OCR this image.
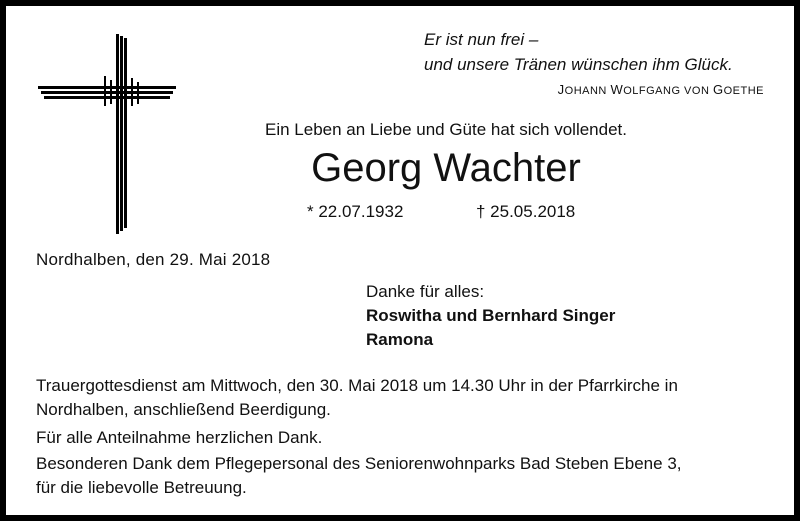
Er ist nun frei –
und unsere Tränen wünschen ihm Glück.
JOHANN WOLFGANG VON GOETHE
Ein Leben an Liebe und Güte hat sich vollendet.
Georg Wachter
* 22.07.1932	† 25.05.2018
Nordhalben, den 29. Mai 2018
Danke für alles:
Roswitha und Bernhard Singer
Ramona
Trauergottesdienst am Mittwoch, den 30. Mai 2018 um 14.30 Uhr in der Pfarrkirche in
Nordhalben, anschließend Beerdigung.
Für alle Anteilnahme herzlichen Dank.
Besonderen Dank dem Pflegepersonal des Seniorenwohnparks Bad Steben Ebene 3,
für die liebevolle Betreuung.
